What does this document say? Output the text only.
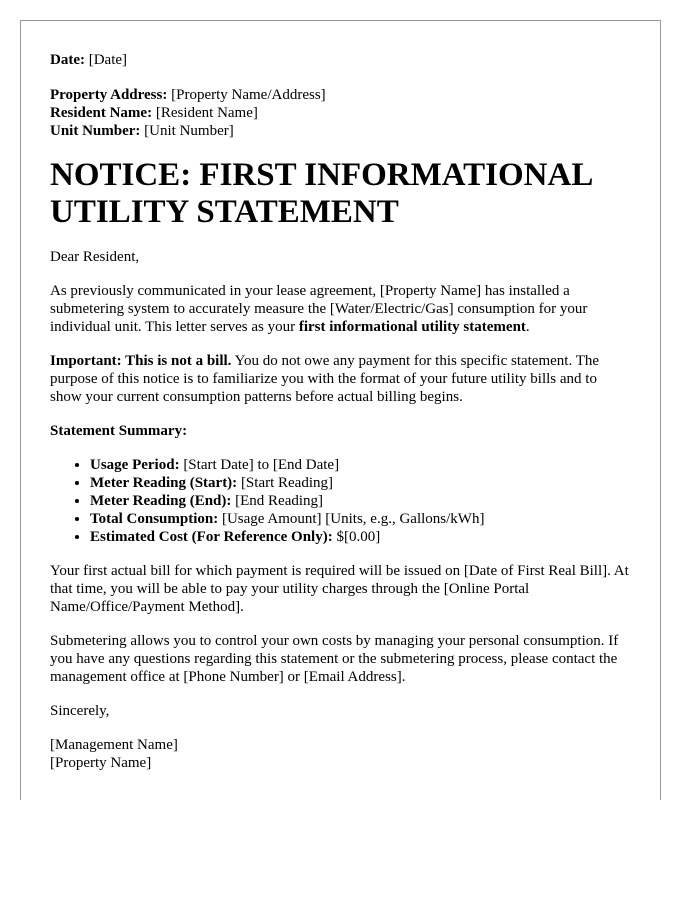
Date: [Date]

Property Address: [Property Name/Address]

Resident Name: [Resident Name]

Unit Number: [Unit Number]

NOTICE: FIRST INFORMATIONAL UTILITY STATEMENT

Dear Resident,

As previously communicated in your lease agreement, [Property Name] has installed a submetering system to accurately measure the [Water/Electric/Gas] consumption for your individual unit. This letter serves as your first informational utility statement.

Important: This is not a bill. You do not owe any payment for this specific statement. The purpose of this notice is to familiarize you with the format of your future utility bills and to show your current consumption patterns before actual billing begins.

Statement Summary:

• Usage Period: [Start Date] to [End Date]
• Meter Reading (Start): [Start Reading]
• Meter Reading (End): [End Reading]
• Total Consumption: [Usage Amount] [Units, e.g., Gallons/kWh]
• Estimated Cost (For Reference Only): $[0.00]

Your first actual bill for which payment is required will be issued on [Date of First Real Bill]. At that time, you will be able to pay your utility charges through the [Online Portal Name/Office/Payment Method].

Submetering allows you to control your own costs by managing your personal consumption. If you have any questions regarding this statement or the submetering process, please contact the management office at [Phone Number] or [Email Address].

Sincerely,

[Management Name]

[Property Name]
